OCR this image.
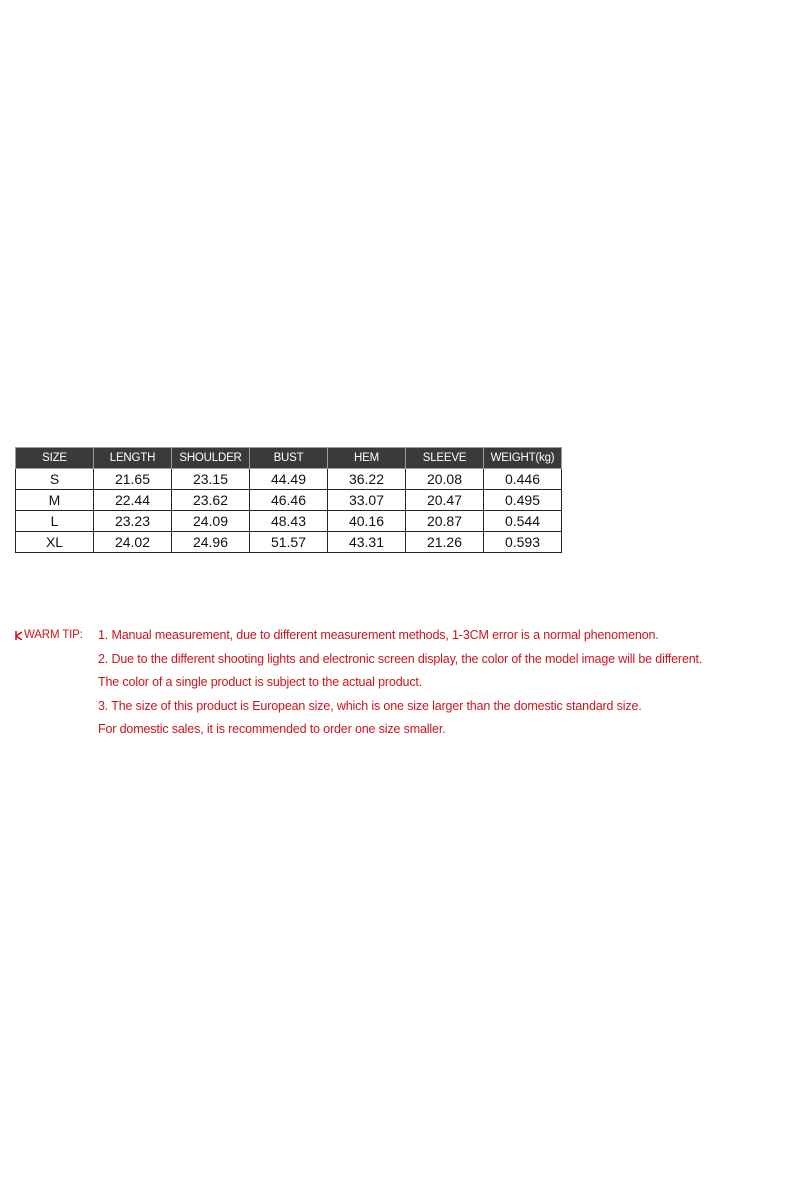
SIZE	LENGTH	SHOULDER	BUST	HEM	SLEEVE	WEIGHT(kg)
S	21.65	23.15	44.49	36.22	20.08	0.446
M	22.44	23.62	46.46	33.07	20.47	0.495
L	23.23	24.09	48.43	40.16	20.87	0.544
XL	24.02	24.96	51.57	43.31	21.26	0.593
WARM TIP: 1. Manual measurement, due to different measurement methods, 1-3CM error is a normal phenomenon.
2. Due to the different shooting lights and electronic screen display, the color of the model image will be different.
The color of a single product is subject to the actual product.
3. The size of this product is European size, which is one size larger than the domestic standard size.
For domestic sales, it is recommended to order one size smaller.
